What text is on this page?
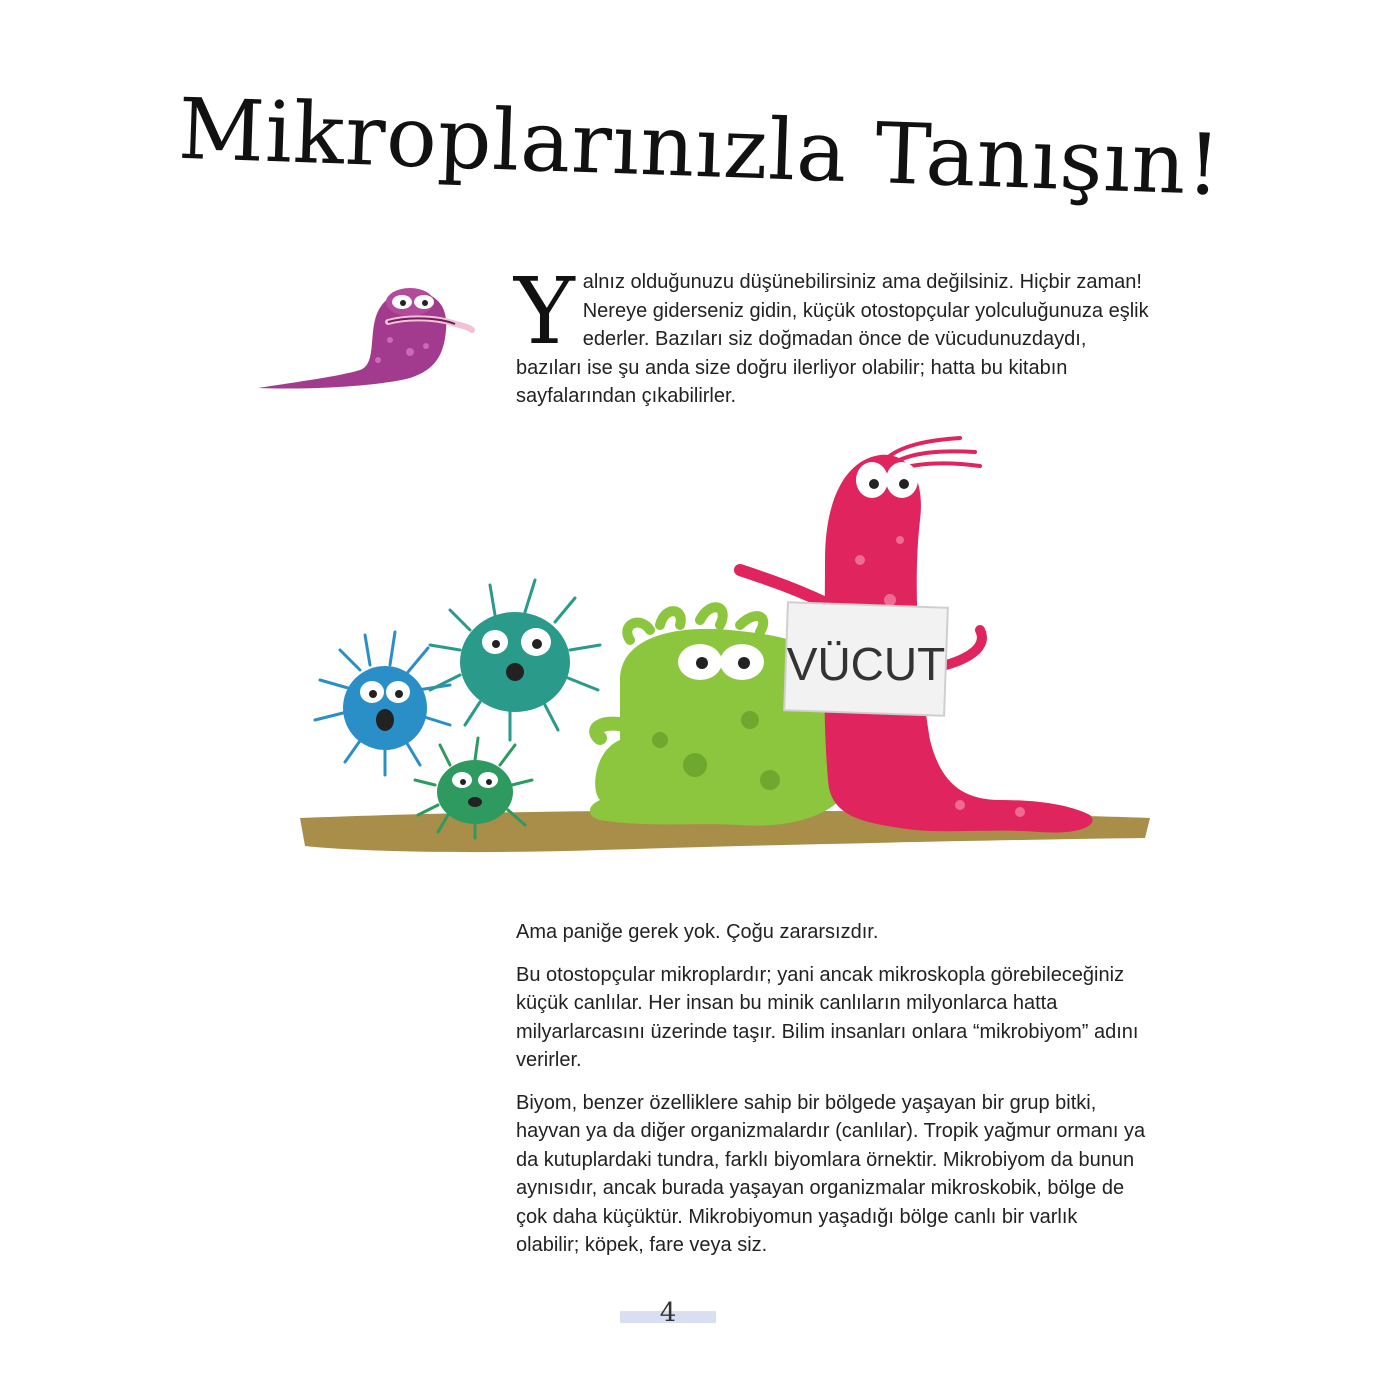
Mikroplarınızla Tanışın!

Yalnız olduğunuzu düşünebilirsiniz ama değilsiniz. Hiçbir zaman! Nereye giderseniz gidin, küçük otostopçular yolculuğunuza eşlik ederler. Bazıları siz doğmadan önce de vücudunuzdaydı, bazıları ise şu anda size doğru ilerliyor olabilir; hatta bu kitabın sayfalarından çıkabilirler.

VÜCUT

Ama paniğe gerek yok. Çoğu zararsızdır.

Bu otostopçular mikroplardır; yani ancak mikroskopla görebileceğiniz küçük canlılar. Her insan bu minik canlıların milyonlarca hatta milyarlarcasını üzerinde taşır. Bilim insanları onlara “mikrobiyom” adını verirler.

Biyom, benzer özelliklere sahip bir bölgede yaşayan bir grup bitki, hayvan ya da diğer organizmalardır (canlılar). Tropik yağmur ormanı ya da kutuplardaki tundra, farklı biyomlara örnektir. Mikrobiyom da bunun aynısıdır, ancak burada yaşayan organizmalar mikroskobik, bölge de çok daha küçüktür. Mikrobiyomun yaşadığı bölge canlı bir varlık olabilir; köpek, fare veya siz.

4
